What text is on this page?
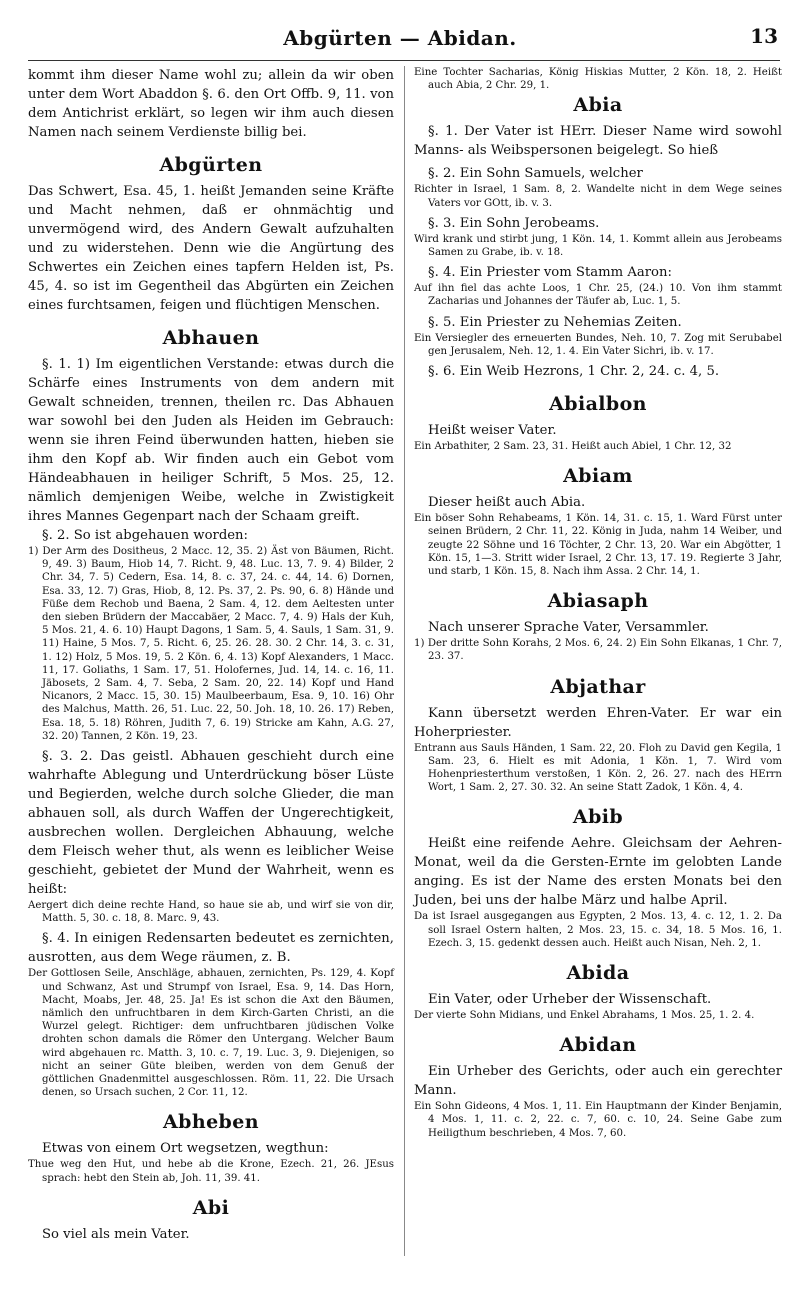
Abgürten — Abidan.	13

kommt ihm dieser Name wohl zu; allein da wir oben unter dem Wort Abaddon §. 6. den Ort Offb. 9, 11. von dem Antichrist erklärt, so legen wir ihm auch diesen Namen nach seinem Verdienste billig bei.

Abgürten

Das Schwert, Esa. 45, 1. heißt Jemanden seine Kräfte und Macht nehmen, daß er ohnmächtig und unvermögend wird, des Andern Gewalt aufzuhalten und zu widerstehen. Denn wie die Angürtung des Schwertes ein Zeichen eines tapfern Helden ist, Ps. 45, 4. so ist im Gegentheil das Abgürten ein Zeichen eines furchtsamen, feigen und flüchtigen Menschen.

Abhauen

§. 1. 1) Im eigentlichen Verstande: etwas durch die Schärfe eines Instruments von dem andern mit Gewalt schneiden, trennen, theilen rc. Das Abhauen war sowohl bei den Juden als Heiden im Gebrauch: wenn sie ihren Feind überwunden hatten, hieben sie ihm den Kopf ab. Wir finden auch ein Gebot vom Händeabhauen in heiliger Schrift, 5 Mos. 25, 12. nämlich demjenigen Weibe, welche in Zwistigkeit ihres Mannes Gegenpart nach der Schaam greift.

§. 2. So ist abgehauen worden:

1) Der Arm des Dositheus, 2 Macc. 12, 35. 2) Äst von Bäumen, Richt. 9, 49. 3) Baum, Hiob 14, 7. Richt. 9, 48. Luc. 13, 7. 9. 4) Bilder, 2 Chr. 34, 7. 5) Cedern, Esa. 14, 8. c. 37, 24. c. 44, 14. 6) Dornen, Esa. 33, 12. 7) Gras, Hiob, 8, 12. Ps. 37, 2. Ps. 90, 6. 8) Hände und Füße dem Rechob und Baena, 2 Sam. 4, 12. dem Aeltesten unter den sieben Brüdern der Maccabäer, 2 Macc. 7, 4. 9) Hals der Kuh, 5 Mos. 21, 4. 6. 10) Haupt Dagons, 1 Sam. 5, 4. Sauls, 1 Sam. 31, 9. 11) Haine, 5 Mos. 7, 5. Richt. 6, 25. 26. 28. 30. 2 Chr. 14, 3. c. 31, 1. 12) Holz, 5 Mos. 19, 5. 2 Kön. 6, 4. 13) Kopf Alexanders, 1 Macc. 11, 17. Goliaths, 1 Sam. 17, 51. Holofernes, Jud. 14, 14. c. 16, 11. Jäbosets, 2 Sam. 4, 7. Seba, 2 Sam. 20, 22. 14) Kopf und Hand Nicanors, 2 Macc. 15, 30. 15) Maulbeerbaum, Esa. 9, 10. 16) Ohr des Malchus, Matth. 26, 51. Luc. 22, 50. Joh. 18, 10. 26. 17) Reben, Esa. 18, 5. 18) Röhren, Judith 7, 6. 19) Stricke am Kahn, A.G. 27, 32. 20) Tannen, 2 Kön. 19, 23.

§. 3. 2. Das geistl. Abhauen geschieht durch eine wahrhafte Ablegung und Unterdrückung böser Lüste und Begierden, welche durch solche Glieder, die man abhauen soll, als durch Waffen der Ungerechtigkeit, ausbrechen wollen. Dergleichen Abhauung, welche dem Fleisch weher thut, als wenn es leiblicher Weise geschieht, gebietet der Mund der Wahrheit, wenn es heißt:

Aergert dich deine rechte Hand, so haue sie ab, und wirf sie von dir, Matth. 5, 30. c. 18, 8. Marc. 9, 43.

§. 4. In einigen Redensarten bedeutet es zernichten, ausrotten, aus dem Wege räumen, z. B.

Der Gottlosen Seile, Anschläge, abhauen, zernichten, Ps. 129, 4. Kopf und Schwanz, Ast und Strumpf von Israel, Esa. 9, 14. Das Horn, Macht, Moabs, Jer. 48, 25. Ja! Es ist schon die Axt den Bäumen, nämlich den unfruchtbaren in dem Kirch-Garten Christi, an die Wurzel gelegt. Richtiger: dem unfruchtbaren jüdischen Volke drohten schon damals die Römer den Untergang. Welcher Baum wird abgehauen rc. Matth. 3, 10. c. 7, 19. Luc. 3, 9. Diejenigen, so nicht an seiner Güte bleiben, werden von dem Genuß der göttlichen Gnadenmittel ausgeschlossen. Röm. 11, 22. Die Ursach denen, so Ursach suchen, 2 Cor. 11, 12.

Abheben

Etwas von einem Ort wegsetzen, wegthun:

Thue weg den Hut, und hebe ab die Krone, Ezech. 21, 26. JEsus sprach: hebt den Stein ab, Joh. 11, 39. 41.

Abi

So viel als mein Vater.

Eine Tochter Sacharias, König Hiskias Mutter, 2 Kön. 18, 2. Heißt auch Abia, 2 Chr. 29, 1.

Abia

§. 1. Der Vater ist HErr. Dieser Name wird sowohl Manns- als Weibspersonen beigelegt. So hieß

§. 2. Ein Sohn Samuels, welcher

Richter in Israel, 1 Sam. 8, 2. Wandelte nicht in dem Wege seines Vaters vor GOtt, ib. v. 3.

§. 3. Ein Sohn Jerobeams.

Wird krank und stirbt jung, 1 Kön. 14, 1. Kommt allein aus Jerobeams Samen zu Grabe, ib. v. 18.

§. 4. Ein Priester vom Stamm Aaron:

Auf ihn fiel das achte Loos, 1 Chr. 25, (24.) 10. Von ihm stammt Zacharias und Johannes der Täufer ab, Luc. 1, 5.

§. 5. Ein Priester zu Nehemias Zeiten.

Ein Versiegler des erneuerten Bundes, Neh. 10, 7. Zog mit Serubabel gen Jerusalem, Neh. 12, 1. 4. Ein Vater Sichri, ib. v. 17.

§. 6. Ein Weib Hezrons, 1 Chr. 2, 24. c. 4, 5.

Abialbon

Heißt weiser Vater.

Ein Arbathiter, 2 Sam. 23, 31. Heißt auch Abiel, 1 Chr. 12, 32

Abiam

Dieser heißt auch Abia.

Ein böser Sohn Rehabeams, 1 Kön. 14, 31. c. 15, 1. Ward Fürst unter seinen Brüdern, 2 Chr. 11, 22. König in Juda, nahm 14 Weiber, und zeugte 22 Söhne und 16 Töchter, 2 Chr. 13, 20. War ein Abgötter, 1 Kön. 15, 1—3. Stritt wider Israel, 2 Chr. 13, 17. 19. Regierte 3 Jahr, und starb, 1 Kön. 15, 8. Nach ihm Assa. 2 Chr. 14, 1.

Abiasaph

Nach unserer Sprache Vater, Versammler.

1) Der dritte Sohn Korahs, 2 Mos. 6, 24. 2) Ein Sohn Elkanas, 1 Chr. 7, 23. 37.

Abjathar

Kann übersetzt werden Ehren-Vater. Er war ein Hoherpriester.

Entrann aus Sauls Händen, 1 Sam. 22, 20. Floh zu David gen Kegila, 1 Sam. 23, 6. Hielt es mit Adonia, 1 Kön. 1, 7. Wird vom Hohenpriesterthum verstoßen, 1 Kön. 2, 26. 27. nach des HErrn Wort, 1 Sam. 2, 27. 30. 32. An seine Statt Zadok, 1 Kön. 4, 4.

Abib

Heißt eine reifende Aehre. Gleichsam der Aehren-Monat, weil da die Gersten-Ernte im gelobten Lande anging. Es ist der Name des ersten Monats bei den Juden, bei uns der halbe März und halbe April.

Da ist Israel ausgegangen aus Egypten, 2 Mos. 13, 4. c. 12, 1. 2. Da soll Israel Ostern halten, 2 Mos. 23, 15. c. 34, 18. 5 Mos. 16, 1. Ezech. 3, 15. gedenkt dessen auch. Heißt auch Nisan, Neh. 2, 1.

Abida

Ein Vater, oder Urheber der Wissenschaft.

Der vierte Sohn Midians, und Enkel Abrahams, 1 Mos. 25, 1. 2. 4.

Abidan

Ein Urheber des Gerichts, oder auch ein gerechter Mann.

Ein Sohn Gideons, 4 Mos. 1, 11. Ein Hauptmann der Kinder Benjamin, 4 Mos. 1, 11. c. 2, 22. c. 7, 60. c. 10, 24. Seine Gabe zum Heiligthum beschrieben, 4 Mos. 7, 60.
